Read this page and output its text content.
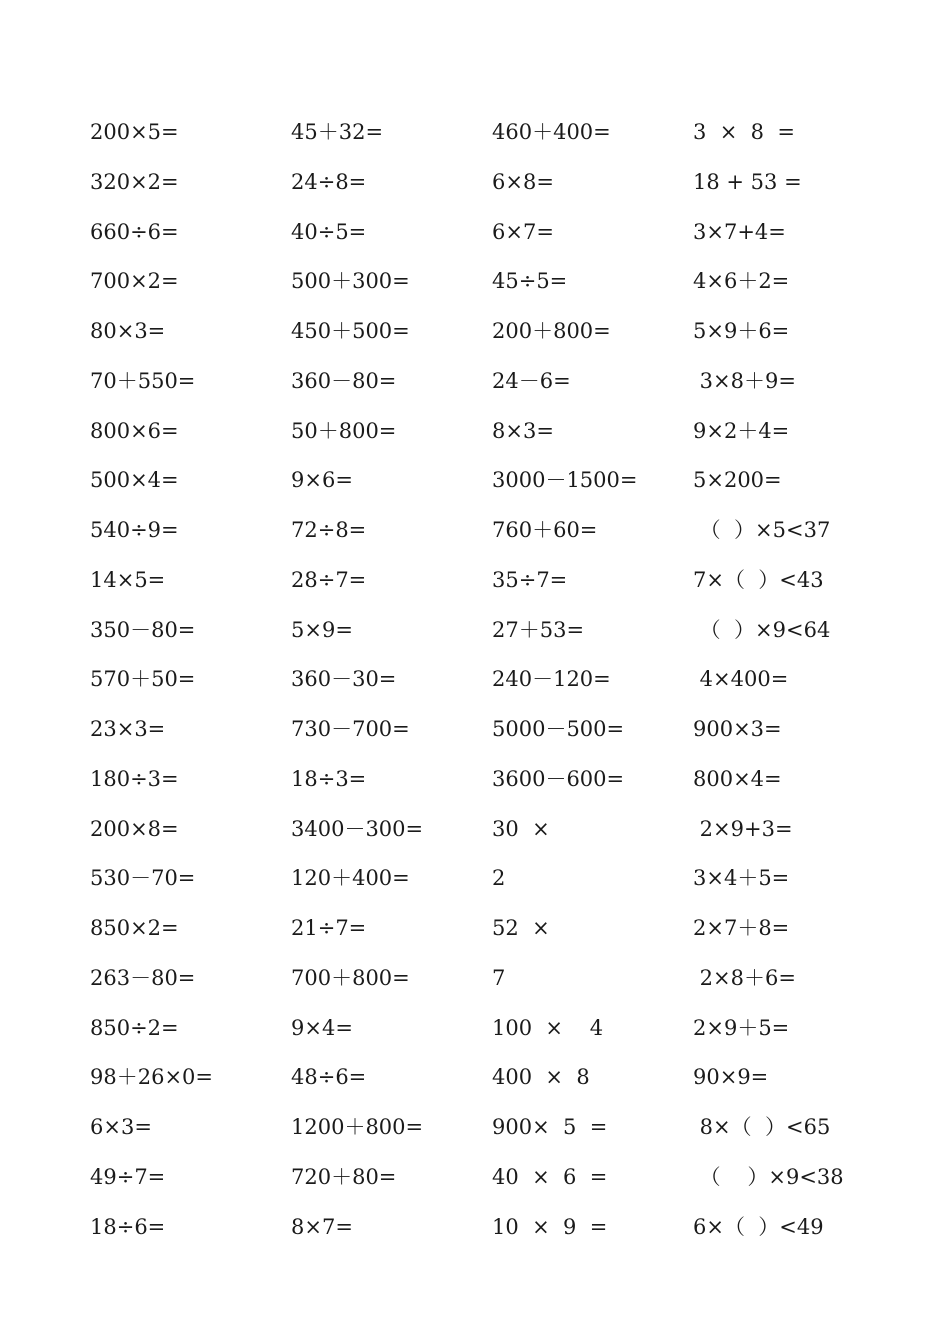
200×5=	45＋32=	460＋400=	3  ×  8  =
320×2=	24÷8=	6×8=	18 + 53 =
660÷6=	40÷5=	6×7=	3×7+4=
700×2=	500＋300=	45÷5=	4×6＋2=
80×3=	450＋500=	200＋800=	5×9＋6=
70＋550=	360－80=	24－6=	3×8＋9=
800×6=	50＋800=	8×3=	9×2＋4=
500×4=	9×6=	3000－1500=	5×200=
540÷9=	72÷8=	760＋60=	（  ）×5<37
14×5=	28÷7=	35÷7=	7×（  ）<43
350－80=	5×9=	27＋53=	（  ）×9<64
570＋50=	360－30=	240－120=	4×400=
23×3=	730－700=	5000－500=	900×3=
180÷3=	18÷3=	3600－600=	800×4=
200×8=	3400－300=	30  ×	2×9+3=
530－70=	120＋400=	2	3×4＋5=
850×2=	21÷7=	52  ×	2×7＋8=
263－80=	700＋800=	7	2×8＋6=
850÷2=	9×4=	100  ×    4	2×9＋5=
98＋26×0=	48÷6=	400  ×  8	90×9=
6×3=	1200＋800=	900×  5  =	8×（  ）<65
49÷7=	720＋80=	40  ×  6  =	（    ）×9<38
18÷6=	8×7=	10  ×  9  =	6×（  ）<49
